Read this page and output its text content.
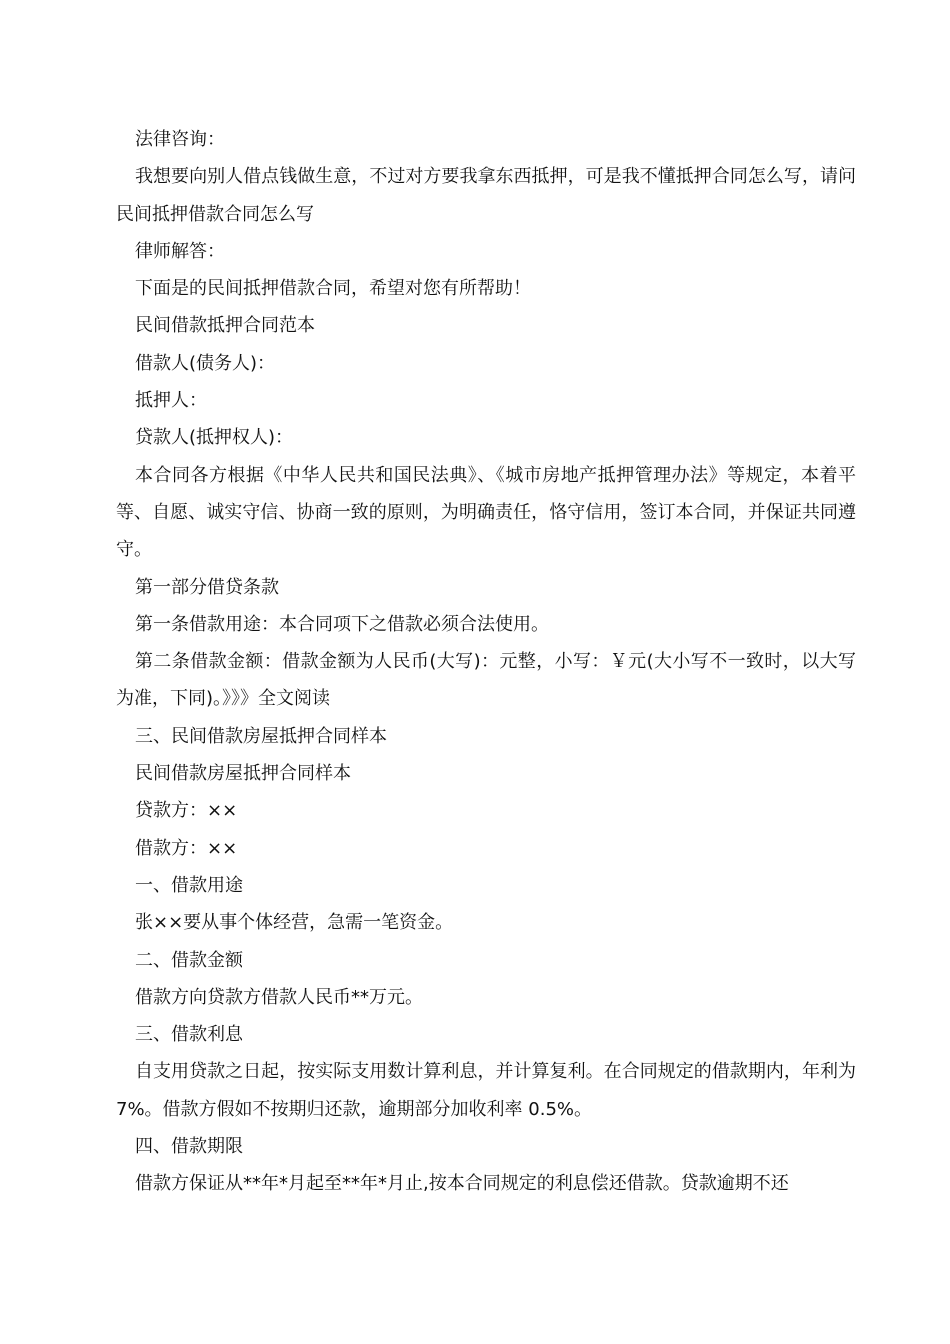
法律咨询：

我想要向别人借点钱做生意，不过对方要我拿东西抵押，可是我不懂抵押合同怎么写，请问民间抵押借款合同怎么写

律师解答：

下面是的民间抵押借款合同，希望对您有所帮助！

民间借款抵押合同范本

借款人(债务人)：

抵押人：

贷款人(抵押权人)：

本合同各方根据《中华人民共和国民法典》、《城市房地产抵押管理办法》等规定，本着平等、自愿、诚实守信、协商一致的原则，为明确责任，恪守信用，签订本合同，并保证共同遵守。

第一部分借贷条款

第一条借款用途：本合同项下之借款必须合法使用。

第二条借款金额：借款金额为人民币(大写)：元整，小写：￥元(大小写不一致时，以大写为准，下同)。》》》全文阅读

三、民间借款房屋抵押合同样本

民间借款房屋抵押合同样本

贷款方：××

借款方：××

一、借款用途

张××要从事个体经营，急需一笔资金。

二、借款金额

借款方向贷款方借款人民币**万元。

三、借款利息

自支用贷款之日起，按实际支用数计算利息，并计算复利。在合同规定的借款期内，年利为 7%。借款方假如不按期归还款，逾期部分加收利率 0.5%。

四、借款期限

借款方保证从**年*月起至**年*月止,按本合同规定的利息偿还借款。贷款逾期不还
